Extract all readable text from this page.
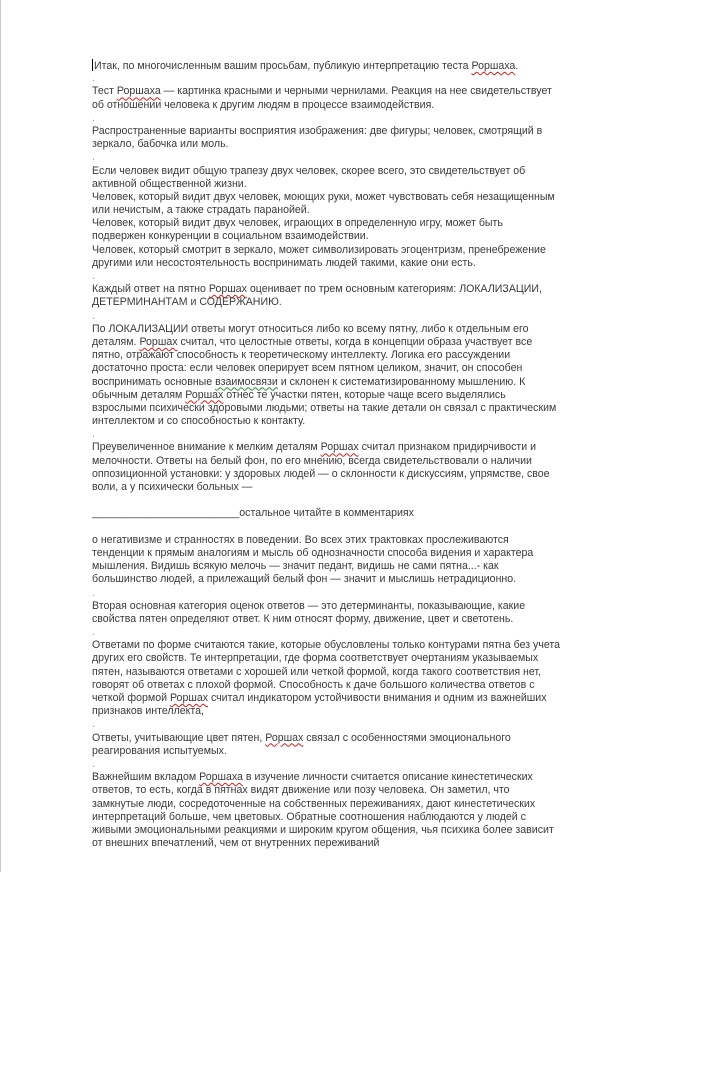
Итак, по многочисленным вашим просьбам, публикую интерпретацию теста Роршаха.
.
Тест Роршаха — картинка красными и черными чернилами. Реакция на нее свидетельствует
об отношении человека к другим людям в процессе взаимодействия.
.
Распространенные варианты восприятия изображения: две фигуры; человек, смотрящий в
зеркало, бабочка или моль.
.
Если человек видит общую трапезу двух человек, скорее всего, это свидетельствует об
активной общественной жизни.
Человек, который видит двух человек, моющих руки, может чувствовать себя незащищенным
или нечистым, а также страдать паранойей.
Человек, который видит двух человек, играющих в определенную игру, может быть
подвержен конкуренции в социальном взаимодействии.
Человек, который смотрит в зеркало, может символизировать эгоцентризм, пренебрежение
другими или несостоятельность воспринимать людей такими, какие они есть.
.
Каждый ответ на пятно Роршах оценивает по трем основным категориям: ЛОКАЛИЗАЦИИ,
ДЕТЕРМИНАНТАМ и СОДЕРЖАНИЮ.
.
По ЛОКАЛИЗАЦИИ ответы могут относиться либо ко всему пятну, либо к отдельным его
деталям. Роршах считал, что целостные ответы, когда в концепции образа участвует все
пятно, отражают способность к теоретическому интеллекту. Логика его рассуждении
достаточно проста: если человек оперирует всем пятном целиком, значит, он способен
воспринимать основные взаимосвязи и склонен к систематизированному мышлению. К
обычным деталям Роршах отнес те участки пятен, которые чаще всего выделялись
взрослыми психически здоровыми людьми; ответы на такие детали он связал с практическим
интеллектом и со способностью к контакту.
.
Преувеличенное внимание к мелким деталям Роршах считал признаком придирчивости и
мелочности. Ответы на белый фон, по его мнению, всегда свидетельствовали о наличии
оппозиционной установки: у здоровых людей — о склонности к дискуссиям, упрямстве, свое
воли, а у психически больных —
_________________________остальное читайте в комментариях
о негативизме и странностях в поведении. Во всех этих трактовках прослеживаются
тенденции к прямым аналогиям и мысль об однозначности способа видения и характера
мышления. Видишь всякую мелочь — значит педант, видишь не сами пятна...- как
большинство людей, а прилежащий белый фон — значит и мыслишь нетрадиционно.
.
Вторая основная категория оценок ответов — это детерминанты, показывающие, какие
свойства пятен определяют ответ. К ним относят форму, движение, цвет и светотень.
.
Ответами по форме считаются такие, которые обусловлены только контурами пятна без учета
других его свойств. Те интерпретации, где форма соответствует очертаниям указываемых
пятен, называются ответами с хорошей или четкой формой, когда такого соответствия нет,
говорят об ответах с плохой формой. Способность к даче большого количества ответов с
четкой формой Роршах считал индикатором устойчивости внимания и одним из важнейших
признаков интеллекта,
.
Ответы, учитывающие цвет пятен, Роршах связал с особенностями эмоционального
реагирования испытуемых.
.
Важнейшим вкладом Роршаха в изучение личности считается описание кинестетических
ответов, то есть, когда в пятнах видят движение или позу человека. Он заметил, что
замкнутые люди, сосредоточенные на собственных переживаниях, дают кинестетических
интерпретаций больше, чем цветовых. Обратные соотношения наблюдаются у людей с
живыми эмоциональными реакциями и широким кругом общения, чья психика более зависит
от внешних впечатлений, чем от внутренних переживаний
